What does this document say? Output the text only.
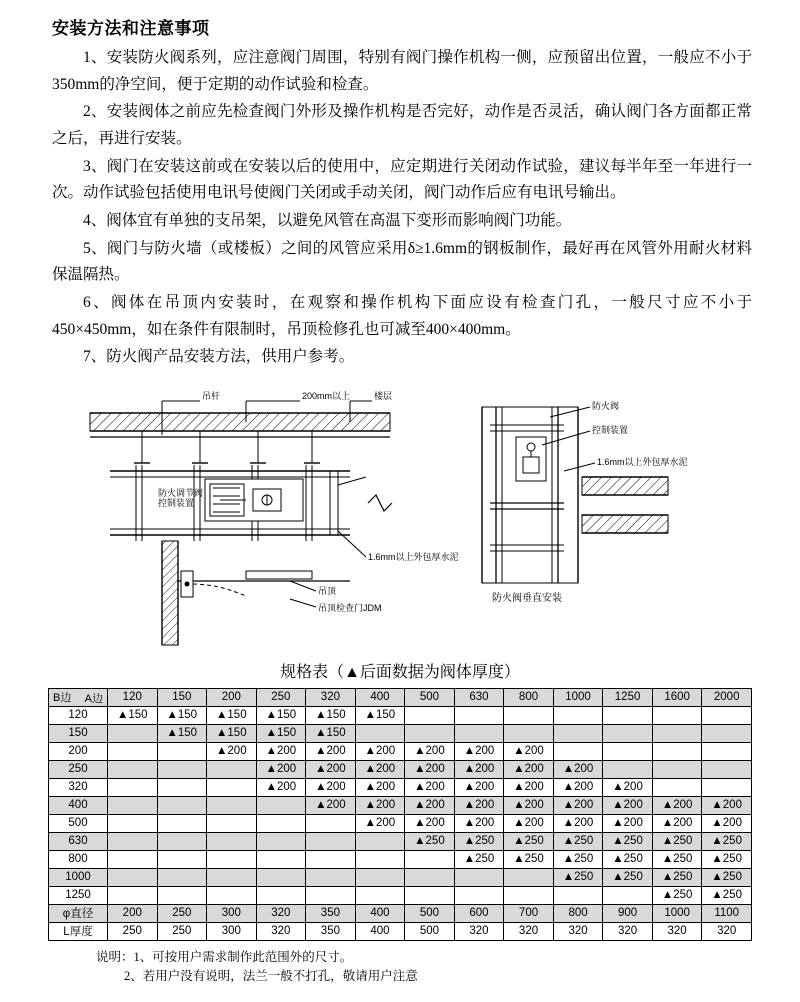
安装方法和注意事项

1、安装防火阀系列，应注意阀门周围，特别有阀门操作机构一侧，应预留出位置，一般应不小于350mm的净空间，便于定期的动作试验和检查。

2、安装阀体之前应先检查阀门外形及操作机构是否完好，动作是否灵活，确认阀门各方面都正常之后，再进行安装。

3、阀门在安装这前或在安装以后的使用中，应定期进行关闭动作试验，建议每半年至一年进行一次。动作试验包括使用电讯号使阀门关闭或手动关闭，阀门动作后应有电讯号输出。

4、阀体宜有单独的支吊架，以避免风管在高温下变形而影响阀门功能。

5、阀门与防火墙（或楼板）之间的风管应采用δ≥1.6mm的钢板制作，最好再在风管外用耐火材料保温隔热。

6、阀体在吊顶内安装时，在观察和操作机构下面应设有检查门孔，一般尺寸应不小于450×450mm，如在条件有限制时，吊顶检修孔也可减至400×400mm。

7、防火阀产品安装方法，供用户参考。

吊杆	200mm以上	楼层
防火阀
控制装置
1.6mm以上外包厚水泥
防火调节阀
控制装置
1.6mm以上外包厚水泥
吊顶
吊顶检查门JDM
防火阀垂直安装
规格表（▲后面数据为阀体厚度）
A边
B边	120	150	200	250	320	400	500	630	800	1000	1250	1600	2000
120	▲150	▲150	▲150	▲150	▲150	▲150							
150		▲150	▲150	▲150	▲150								
200			▲200	▲200	▲200	▲200	▲200	▲200	▲200				
250				▲200	▲200	▲200	▲200	▲200	▲200	▲200			
320				▲200	▲200	▲200	▲200	▲200	▲200	▲200	▲200		
400					▲200	▲200	▲200	▲200	▲200	▲200	▲200	▲200	▲200
500						▲200	▲200	▲200	▲200	▲200	▲200	▲200	▲200
630							▲250	▲250	▲250	▲250	▲250	▲250	▲250
800								▲250	▲250	▲250	▲250	▲250	▲250
1000										▲250	▲250	▲250	▲250
1250												▲250	▲250
φ直径	200	250	300	320	350	400	500	600	700	800	900	1000	1100
L厚度	250	250	300	320	350	400	500	320	320	320	320	320	320
说明：1、可按用户需求制作此范围外的尺寸。
2、若用户没有说明，法兰一般不打孔，敬请用户注意
